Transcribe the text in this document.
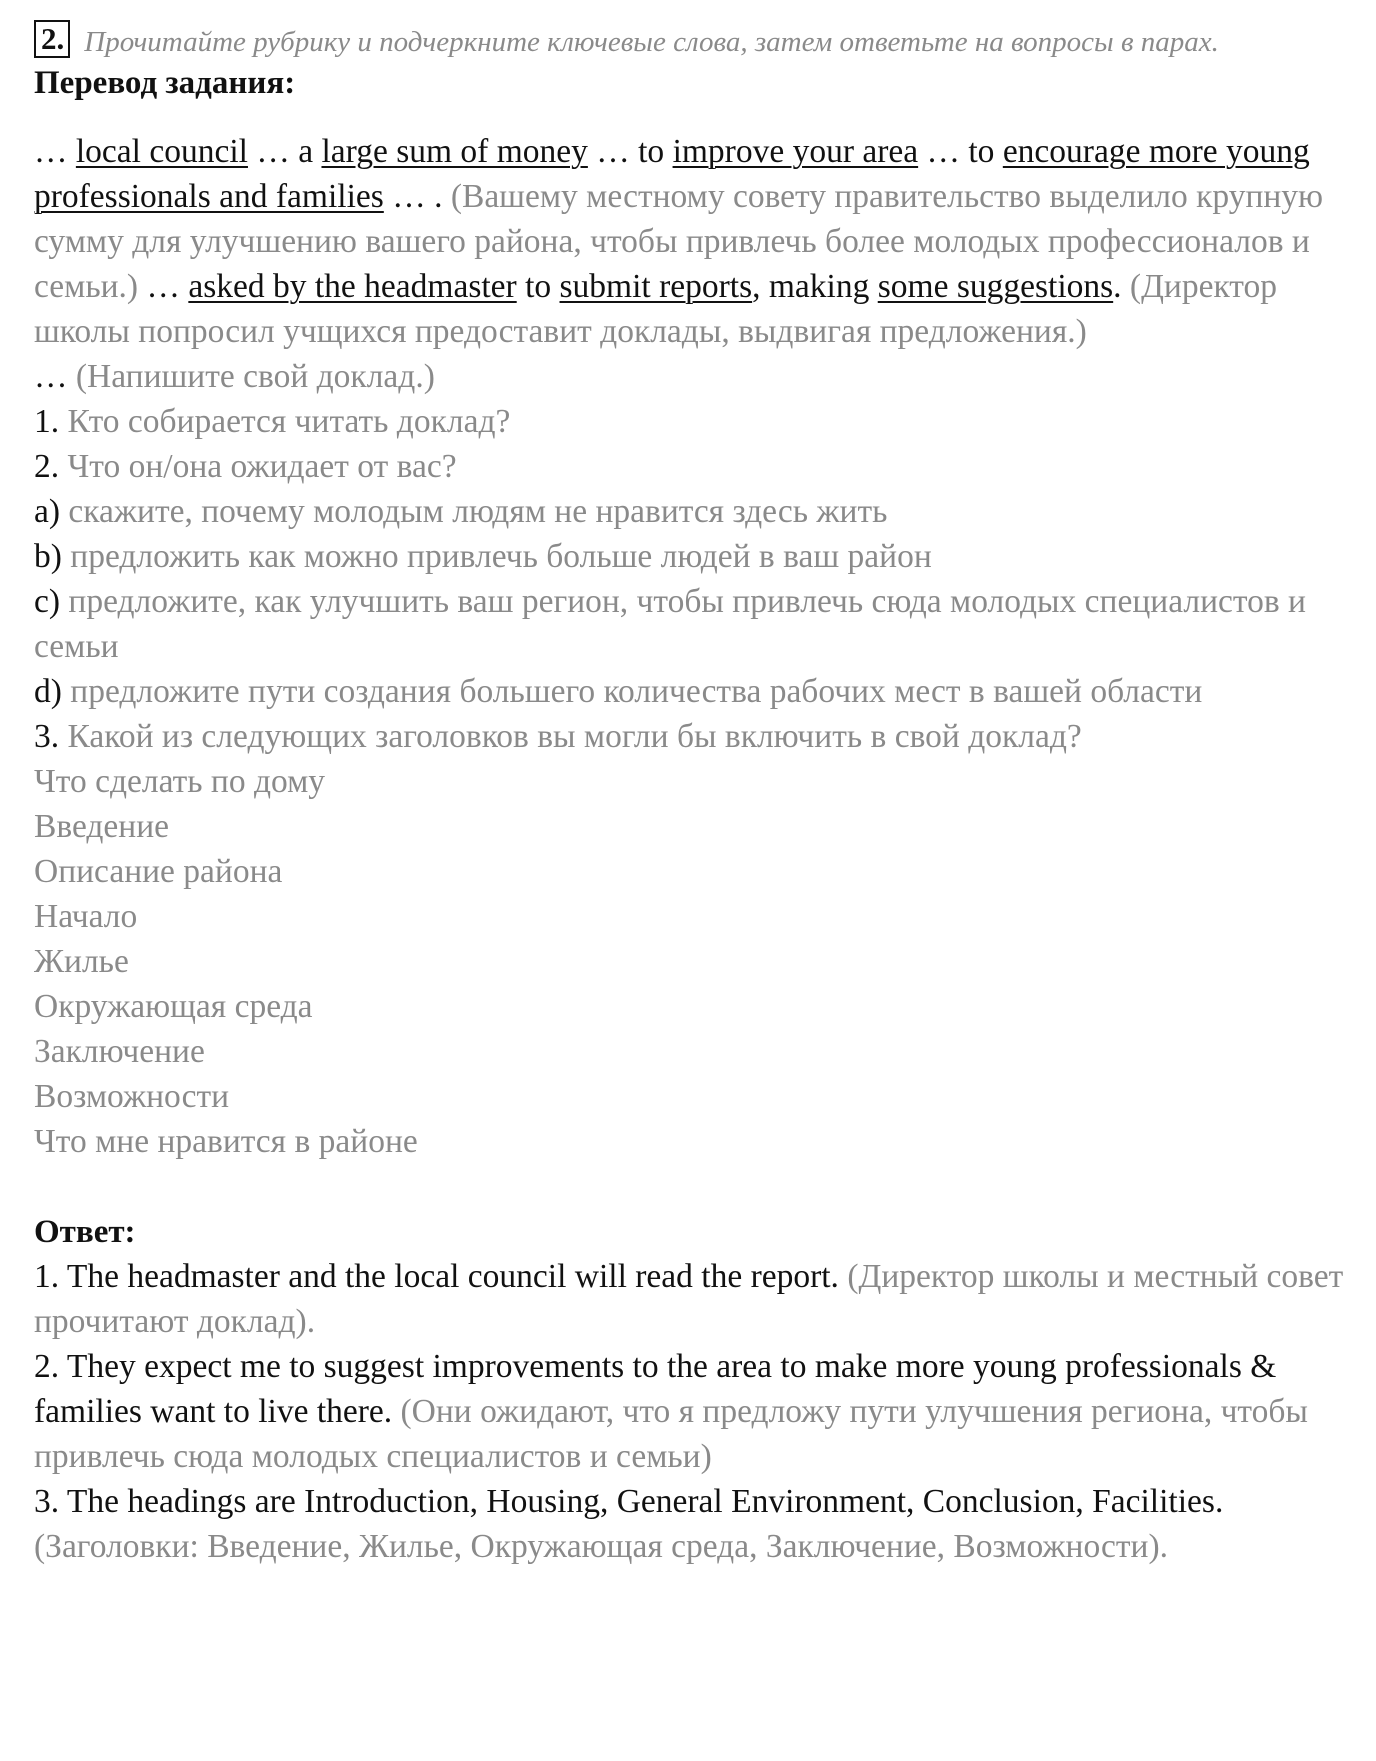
2. Прочитайте рубрику и подчеркните ключевые слова, затем ответьте на вопросы в парах.
Перевод задания:
… local council … a large sum of money … to improve your area … to encourage more young professionals and families … . (Вашему местному совету правительство выделило крупную сумму для улучшению вашего района, чтобы привлечь более молодых профессионалов и семьи.) … asked by the headmaster to submit reports, making some suggestions. (Директор школы попросил учщихся предоставит доклады, выдвигая предложения.)
… (Напишите свой доклад.)
1. Кто собирается читать доклад?
2. Что он/она ожидает от вас?
a) скажите, почему молодым людям не нравится здесь жить
b) предложить как можно привлечь больше людей в ваш район
c) предложите, как улучшить ваш регион, чтобы привлечь сюда молодых специалистов и семьи
d) предложите пути создания большего количества рабочих мест в вашей области
3. Какой из следующих заголовков вы могли бы включить в свой доклад?
Что сделать по дому
Введение
Описание района
Начало
Жилье
Окружающая среда
Заключение
Возможности
Что мне нравится в районе
Ответ:
1. The headmaster and the local council will read the report. (Директор школы и местный совет прочитают доклад).
2. They expect me to suggest improvements to the area to make more young professionals & families want to live there. (Они ожидают, что я предложу пути улучшения региона, чтобы привлечь сюда молодых специалистов и семьи)
3. The headings are Introduction, Housing, General Environment, Conclusion, Facilities. (Заголовки: Введение, Жилье, Окружающая среда, Заключение, Возможности).
